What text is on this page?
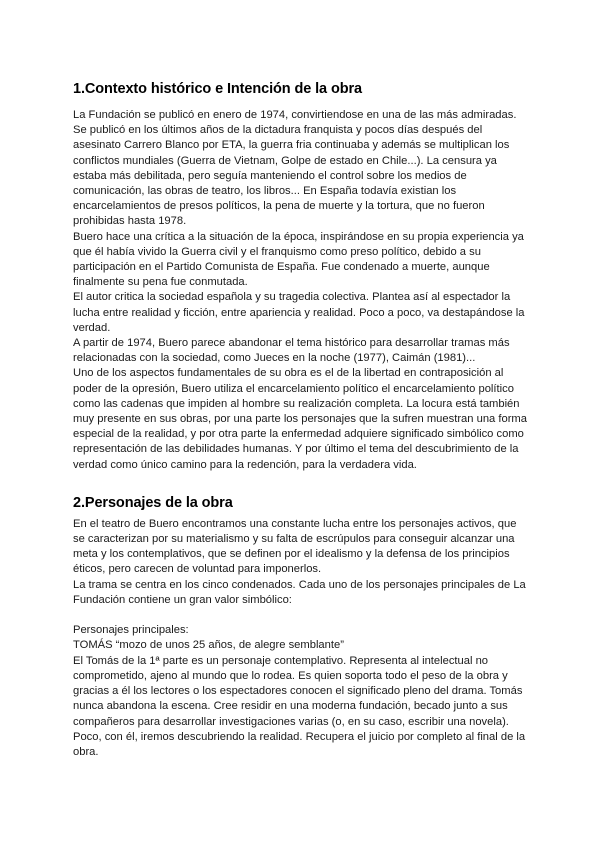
1.Contexto histórico e Intención de la obra

La Fundación se publicó en enero de 1974, convirtiendose en una de las más admiradas. Se publicó en los últimos años de la dictadura franquista y pocos días después del asesinato Carrero Blanco por ETA, la guerra fria continuaba y además se multiplican los conflictos mundiales (Guerra de Vietnam, Golpe de estado en Chile...). La censura ya estaba más debilitada, pero seguía manteniendo el control sobre los medios de comunicación, las obras de teatro, los libros... En España todavía existian los encarcelamientos de presos políticos, la pena de muerte y la tortura, que no fueron prohibidas hasta 1978.

Buero hace una crítica a la situación de la época, inspirándose en su propia experiencia ya que él había vivido la Guerra civil y el franquismo como preso político, debido a su participación en el Partido Comunista de España. Fue condenado a muerte, aunque finalmente su pena fue conmutada.

El autor critica la sociedad española y su tragedia colectiva. Plantea así al espectador la lucha entre realidad y ficción, entre apariencia y realidad. Poco a poco, va destapándose la verdad.

A partir de 1974, Buero parece abandonar el tema histórico para desarrollar tramas más relacionadas con la sociedad, como Jueces en la noche (1977), Caimán (1981)...

Uno de los aspectos fundamentales de su obra es el de la libertad en contraposición al poder de la opresión, Buero utiliza el encarcelamiento político el encarcelamiento político como las cadenas que impiden al hombre su realización completa. La locura está también muy presente en sus obras, por una parte los personajes que la sufren muestran una forma especial de la realidad, y por otra parte la enfermedad adquiere significado simbólico como representación de las debilidades humanas. Y por último el tema del descubrimiento de la verdad como único camino para la redención, para la verdadera vida.

2.Personajes de la obra

En el teatro de Buero encontramos una constante lucha entre los personajes activos, que se caracterizan por su materialismo y su falta de escrúpulos para conseguir alcanzar una meta y los contemplativos, que se definen por el idealismo y la defensa de los principios éticos, pero carecen de voluntad para imponerlos.

La trama se centra en los cinco condenados. Cada uno de los personajes principales de La Fundación contiene un gran valor simbólico:

Personajes principales:

TOMÁS “mozo de unos 25 años, de alegre semblante”

El Tomás de la 1ª parte es un personaje contemplativo. Representa al intelectual no comprometido, ajeno al mundo que lo rodea. Es quien soporta todo el peso de la obra y gracias a él los lectores o los espectadores conocen el significado pleno del drama. Tomás nunca abandona la escena. Cree residir en una moderna fundación, becado junto a sus compañeros para desarrollar investigaciones varias (o, en su caso, escribir una novela). Poco, con él, iremos descubriendo la realidad. Recupera el juicio por completo al final de la obra.
